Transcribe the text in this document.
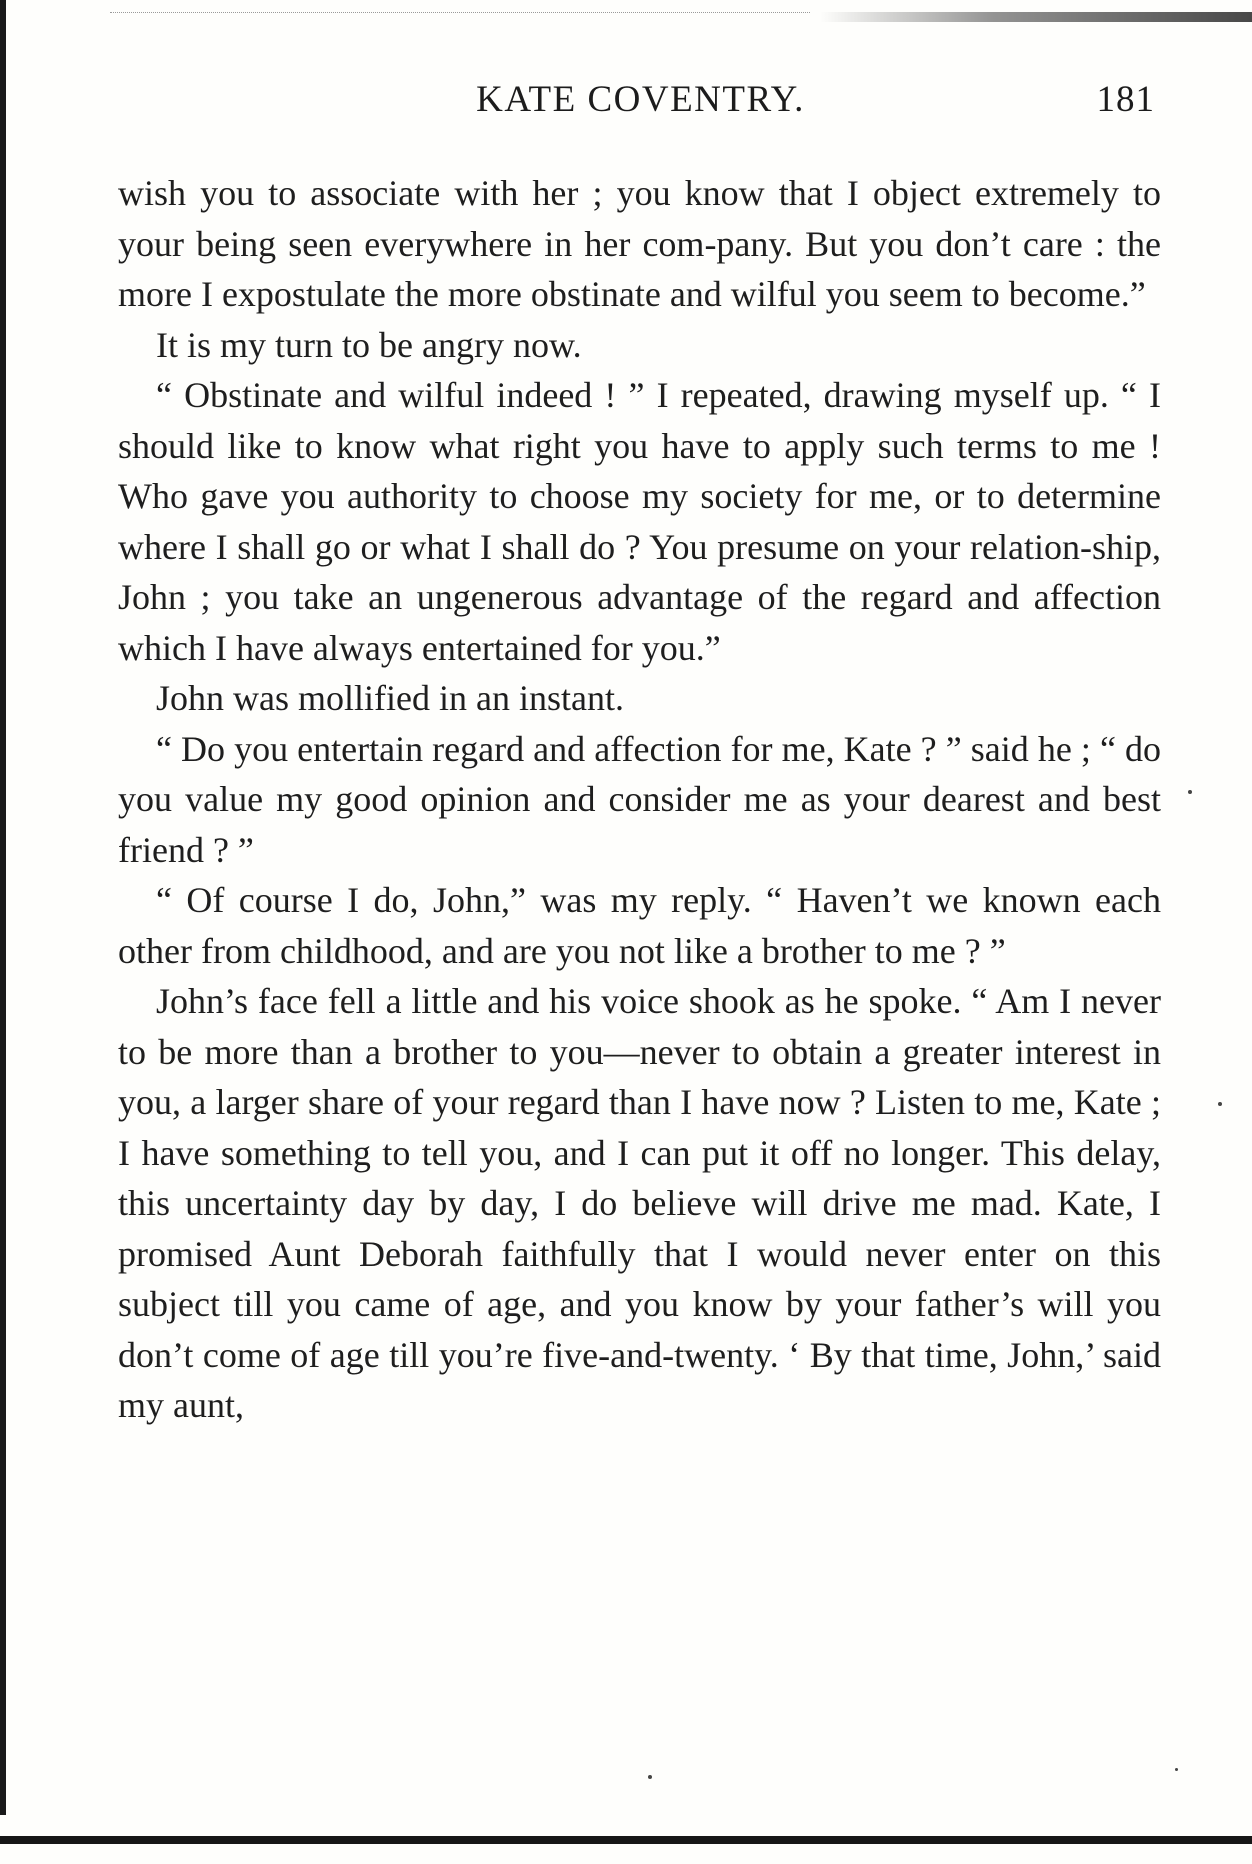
KATE COVENTRY.	181

wish you to associate with her ; you know that I object extremely to your being seen everywhere in her com-pany. But you don’t care : the more I expostulate the more obstinate and wilful you seem to become.”

It is my turn to be angry now.

“ Obstinate and wilful indeed ! ” I repeated, drawing myself up. “ I should like to know what right you have to apply such terms to me ! Who gave you authority to choose my society for me, or to determine where I shall go or what I shall do ? You presume on your relation-ship, John ; you take an ungenerous advantage of the regard and affection which I have always entertained for you.”

John was mollified in an instant.

“ Do you entertain regard and affection for me, Kate ? ” said he ; “ do you value my good opinion and consider me as your dearest and best friend ? ”

“ Of course I do, John,” was my reply. “ Haven’t we known each other from childhood, and are you not like a brother to me ? ”

John’s face fell a little and his voice shook as he spoke. “ Am I never to be more than a brother to you—never to obtain a greater interest in you, a larger share of your regard than I have now ? Listen to me, Kate ; I have something to tell you, and I can put it off no longer. This delay, this uncertainty day by day, I do believe will drive me mad. Kate, I promised Aunt Deborah faithfully that I would never enter on this subject till you came of age, and you know by your father’s will you don’t come of age till you’re five-and-twenty. ‘ By that time, John,’ said my aunt,
